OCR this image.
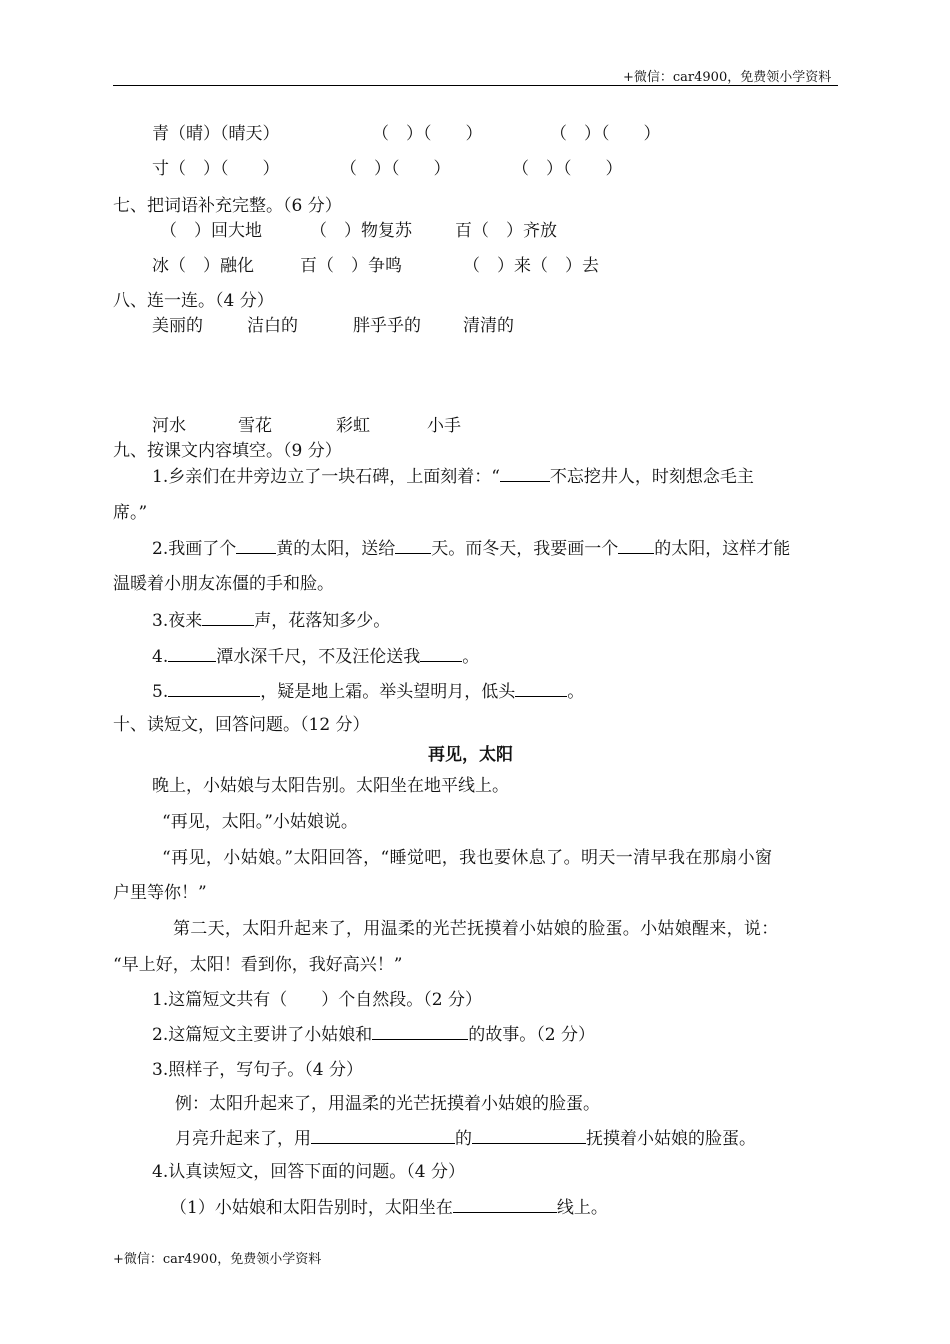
+微信：car4900，免费领小学资料
青（晴）（晴天）	（　）（　　）	（　）（　　）
寸（　）（　　）	（　）（　　）	（　）（　　）
七、把词语补充完整。（6 分）
（　）回大地	（　）物复苏	百（　）齐放
冰（　）融化	百（　）争鸣	（　）来（　）去
八、连一连。（4 分）
美丽的	洁白的	胖乎乎的 清清的
河水	雪花	彩虹	小手
九、按课文内容填空。（9 分）
1.乡亲们在井旁边立了一块石碑，上面刻着：“	不忘挖井人，时刻想念毛主
席。”
2.我画了个 黄的太阳，送给 天。而冬天，我要画一个 的太阳，这样才能
温暖着小朋友冻僵的手和脸。
3.夜来	声，花落知多少。
4.	潭水深千尺，不及汪伦送我 。
5.	，疑是地上霜。举头望明月，低头	。
十、读短文，回答问题。（12 分）
再见，太阳
晚上，小姑娘与太阳告别。太阳坐在地平线上。
“再见，太阳。”小姑娘说。
“再见，小姑娘。”太阳回答，“睡觉吧，我也要休息了。明天一清早我在那扇小窗
户里等你！”
第二天，太阳升起来了，用温柔的光芒抚摸着小姑娘的脸蛋。小姑娘醒来，说：
“早上好，太阳！看到你，我好高兴！”
1.这篇短文共有（　　）个自然段。（2 分）
2.这篇短文主要讲了小姑娘和	的故事。（2 分）
3.照样子，写句子。（4 分）
例：太阳升起来了，用温柔的光芒抚摸着小姑娘的脸蛋。
月亮升起来了，用	的	抚摸着小姑娘的脸蛋。
4.认真读短文，回答下面的问题。（4 分）
（1）小姑娘和太阳告别时，太阳坐在	线上。
+微信：car4900，免费领小学资料
